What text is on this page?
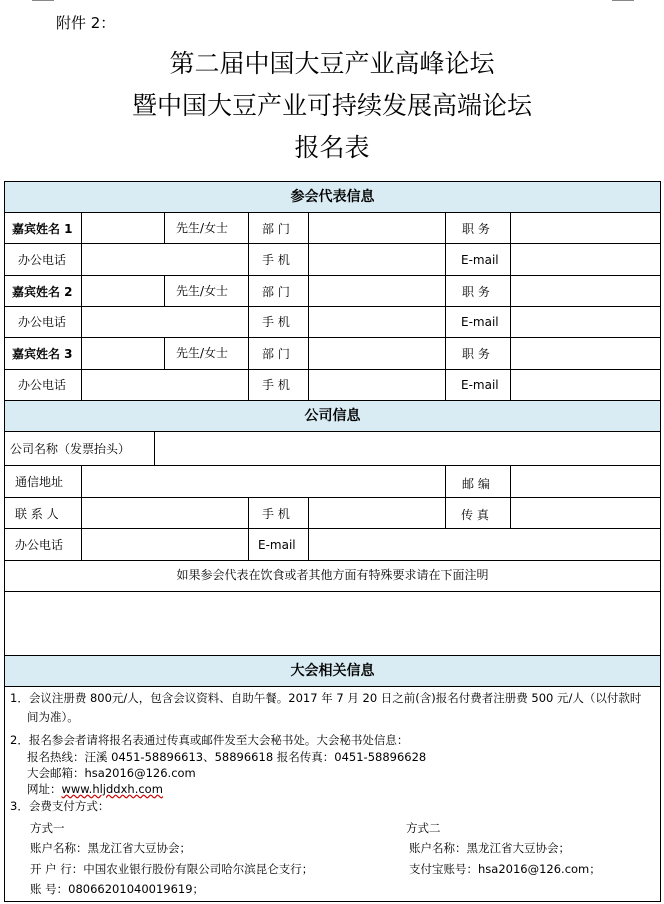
附件 2：
第二届中国大豆产业高峰论坛
暨中国大豆产业可持续发展高端论坛
报名表
参会代表信息
公司信息
大会相关信息
嘉宾姓名 1	先生/女士	部 门	职 务
办公电话	手 机	E-mail
嘉宾姓名 2	先生/女士	部 门	职 务
办公电话	手 机	E-mail
嘉宾姓名 3	先生/女士	部 门	职 务
办公电话	手 机	E-mail
公司名称（发票抬头）
通信地址	邮 编
联 系 人	手 机	传 真
办公电话	E-mail
如果参会代表在饮食或者其他方面有特殊要求请在下面注明
1．会议注册费 800元/人，包含会议资料、自助午餐。2017 年 7 月 20 日之前(含)报名付费者注册费 500 元/人（以付款时
间为准）。
2．报名参会者请将报名表通过传真或邮件发至大会秘书处。大会秘书处信息：
报名热线：汪溪 0451-58896613、58896618 报名传真：0451-58896628
大会邮箱：hsa2016@126.com
网址：www.hljddxh.com
3．会费支付方式：
方式一
账户名称：黑龙江省大豆协会；
开 户 行：中国农业银行股份有限公司哈尔滨昆仑支行；
账 号：08066201040019619；
方式二
账户名称：黑龙江省大豆协会；
支付宝账号：hsa2016@126.com；
